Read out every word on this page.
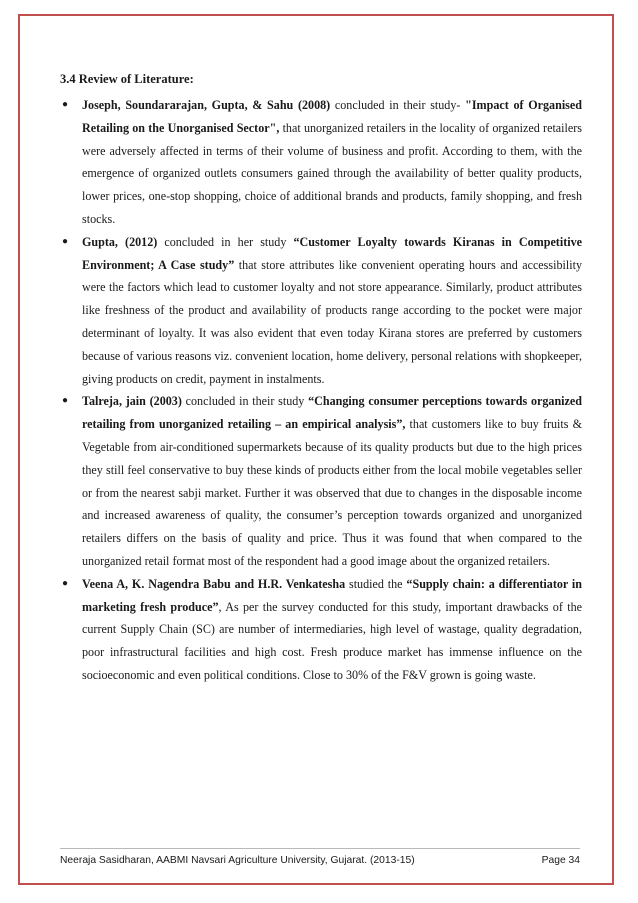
3.4 Review of Literature:
● Joseph, Soundararajan, Gupta, & Sahu (2008) concluded in their study- "Impact of Organised Retailing on the Unorganised Sector", that unorganized retailers in the locality of organized retailers were adversely affected in terms of their volume of business and profit. According to them, with the emergence of organized outlets consumers gained through the availability of better quality products, lower prices, one-stop shopping, choice of additional brands and products, family shopping, and fresh stocks.
● Gupta, (2012) concluded in her study “Customer Loyalty towards Kiranas in Competitive Environment; A Case study” that store attributes like convenient operating hours and accessibility were the factors which lead to customer loyalty and not store appearance. Similarly, product attributes like freshness of the product and availability of products range according to the pocket were major determinant of loyalty. It was also evident that even today Kirana stores are preferred by customers because of various reasons viz. convenient location, home delivery, personal relations with shopkeeper, giving products on credit, payment in instalments.
● Talreja, jain (2003) concluded in their study “Changing consumer perceptions towards organized retailing from unorganized retailing – an empirical analysis”, that customers like to buy fruits & Vegetable from air-conditioned supermarkets because of its quality products but due to the high prices they still feel conservative to buy these kinds of products either from the local mobile vegetables seller or from the nearest sabji market. Further it was observed that due to changes in the disposable income and increased awareness of quality, the consumer’s perception towards organized and unorganized retailers differs on the basis of quality and price. Thus it was found that when compared to the unorganized retail format most of the respondent had a good image about the organized retailers.
● Veena A, K. Nagendra Babu and H.R. Venkatesha studied the “Supply chain: a differentiator in marketing fresh produce”, As per the survey conducted for this study, important drawbacks of the current Supply Chain (SC) are number of intermediaries, high level of wastage, quality degradation, poor infrastructural facilities and high cost. Fresh produce market has immense influence on the socioeconomic and even political conditions. Close to 30% of the F&V grown is going waste.
Neeraja Sasidharan, AABMI Navsari Agriculture University, Gujarat. (2013-15)	Page 34
